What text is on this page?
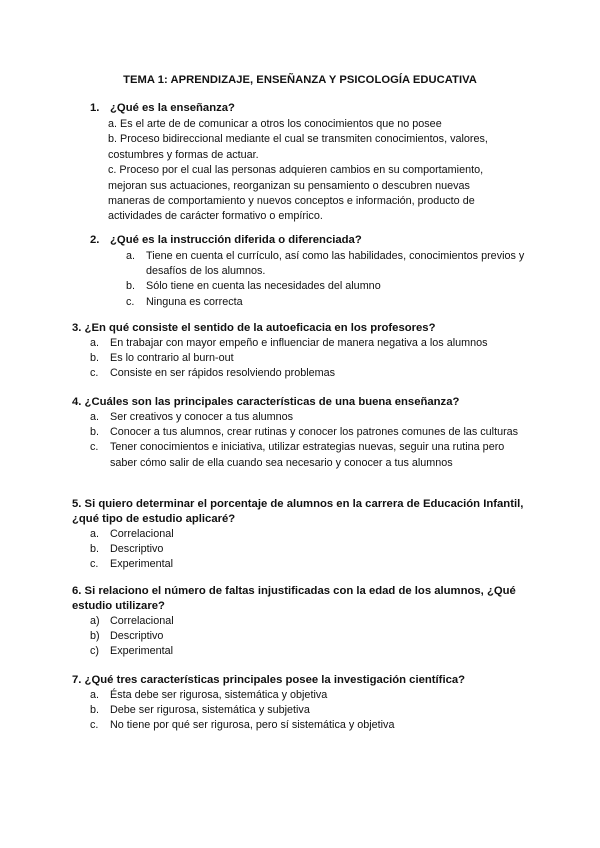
TEMA 1: APRENDIZAJE, ENSEÑANZA Y PSICOLOGÍA EDUCATIVA

1. ¿Qué es la enseñanza?

a. Es el arte de de comunicar a otros los conocimientos que no posee

b. Proceso bidireccional mediante el cual se transmiten conocimientos, valores, costumbres y formas de actuar.

c. Proceso por el cual las personas adquieren cambios en su comportamiento, mejoran sus actuaciones, reorganizan su pensamiento o descubren nuevas maneras de comportamiento y nuevos conceptos e información, producto de actividades de carácter formativo o empírico.

2. ¿Qué es la instrucción diferida o diferenciada?

a. Tiene en cuenta el currículo, así como las habilidades, conocimientos previos y desafíos de los alumnos.
b. Sólo tiene en cuenta las necesidades del alumno
c. Ninguna es correcta

3. ¿En qué consiste el sentido de la autoeficacia en los profesores?

a. En trabajar con mayor empeño e influenciar de manera negativa a los alumnos
b. Es lo contrario al burn-out
c. Consiste en ser rápidos resolviendo problemas

4. ¿Cuáles son las principales características de una buena enseñanza?

a. Ser creativos y conocer a tus alumnos
b. Conocer a tus alumnos, crear rutinas y conocer los patrones comunes de las culturas
c. Tener conocimientos e iniciativa, utilizar estrategias nuevas, seguir una rutina pero saber cómo salir de ella cuando sea necesario y conocer a tus alumnos

5. Si quiero determinar el porcentaje de alumnos en la carrera de Educación Infantil, ¿qué tipo de estudio aplicaré?

a. Correlacional
b. Descriptivo
c. Experimental

6. Si relaciono el número de faltas injustificadas con la edad de los alumnos, ¿Qué estudio utilizare?

a) Correlacional
b) Descriptivo
c) Experimental

7. ¿Qué tres características principales posee la investigación científica?

a. Ésta debe ser rigurosa, sistemática y objetiva
b. Debe ser rigurosa, sistemática y subjetiva
c. No tiene por qué ser rigurosa, pero sí sistemática y objetiva
